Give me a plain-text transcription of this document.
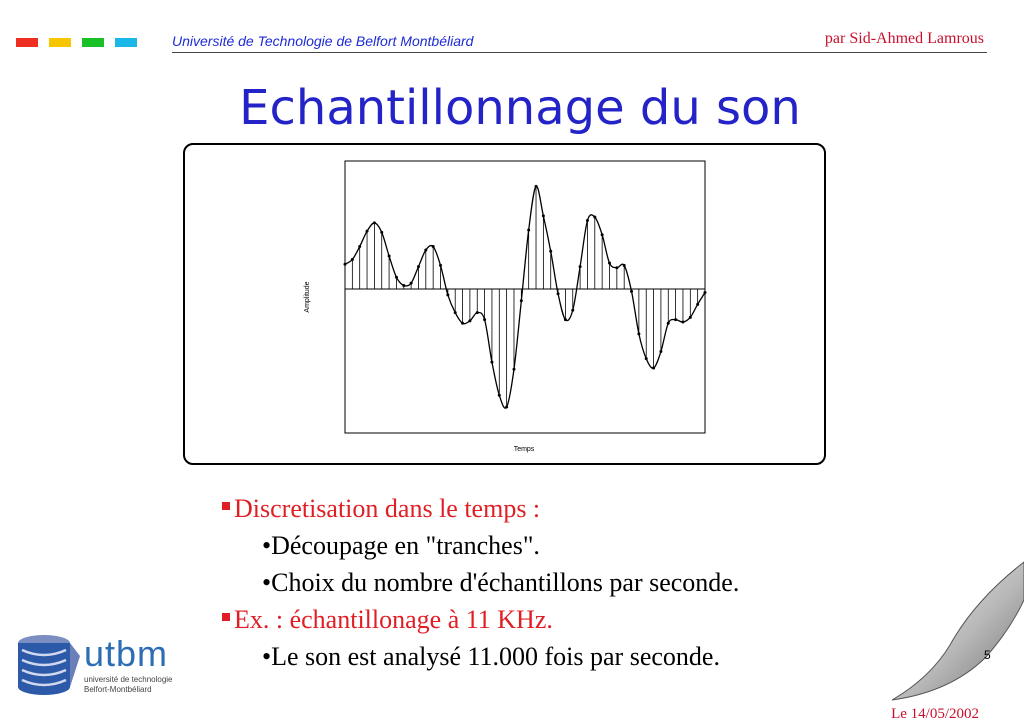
Université de Technologie de Belfort Montbéliard	par Sid-Ahmed Lamrous
Echantillonnage du son
Temps
Amplitude
Discretisation dans le temps :
•Découpage en "tranches".
•Choix du nombre d'échantillons par seconde.
Ex. : échantillonage à 11 KHz.
•Le son est analysé 11.000 fois par seconde.
utbm
université de technologie
Belfort-Montbéliard
5
Le 14/05/2002
